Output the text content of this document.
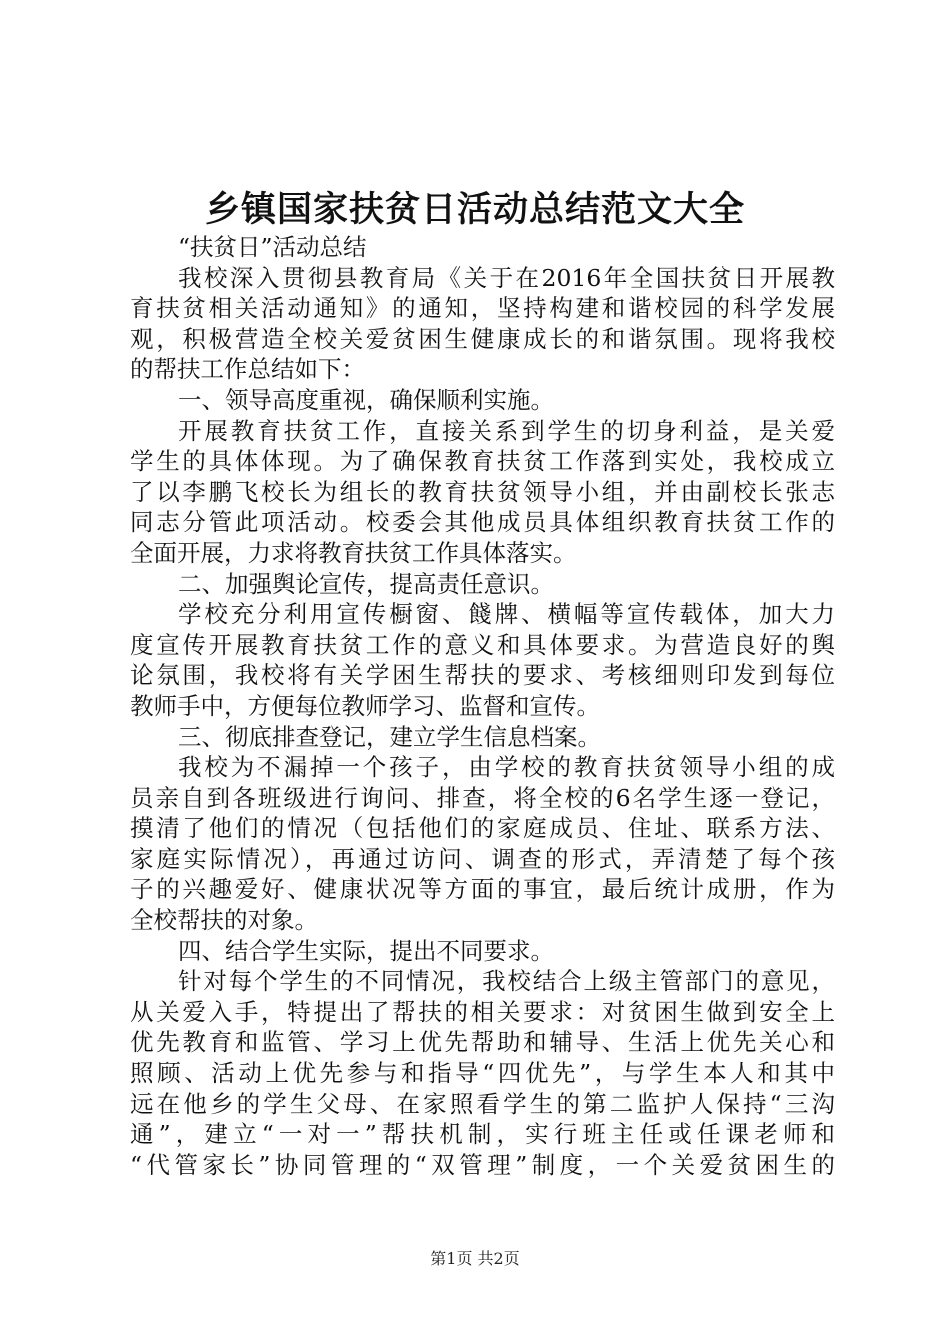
乡镇国家扶贫日活动总结范文大全
“扶贫日”活动总结
我校深入贯彻县教育局《关于在2016年全国扶贫日开展教
育扶贫相关活动通知》的通知，坚持构建和谐校园的科学发展
观，积极营造全校关爱贫困生健康成长的和谐氛围。现将我校
的帮扶工作总结如下：
一、领导高度重视，确保顺利实施。
开展教育扶贫工作，直接关系到学生的切身利益，是关爱
学生的具体体现。为了确保教育扶贫工作落到实处，我校成立
了以李鹏飞校长为组长的教育扶贫领导小组，并由副校长张志
同志分管此项活动。校委会其他成员具体组织教育扶贫工作的
全面开展，力求将教育扶贫工作具体落实。
二、加强舆论宣传，提高责任意识。
学校充分利用宣传橱窗、餞牌、横幅等宣传载体，加大力
度宣传开展教育扶贫工作的意义和具体要求。为营造良好的舆
论氛围，我校将有关学困生帮扶的要求、考核细则印发到每位
教师手中，方便每位教师学习、监督和宣传。
三、彻底排查登记，建立学生信息档案。
我校为不漏掉一个孩子，由学校的教育扶贫领导小组的成
员亲自到各班级进行询问、排查，将全校的6名学生逐一登记，
摸清了他们的情况（包括他们的家庭成员、住址、联系方法、
家庭实际情况），再通过访问、调查的形式，弄清楚了每个孩
子的兴趣爱好、健康状况等方面的事宜，最后统计成册，作为
全校帮扶的对象。
四、结合学生实际，提出不同要求。
针对每个学生的不同情况，我校结合上级主管部门的意见，
从关爱入手，特提出了帮扶的相关要求：对贫困生做到安全上
优先教育和监管、学习上优先帮助和辅导、生活上优先关心和
照顾、活动上优先参与和指导“四优先”，与学生本人和其中
远在他乡的学生父母、在家照看学生的第二监护人保持“三沟
通”，建立“一对一”帮扶机制，实行班主任或任课老师和
“代管家长”协同管理的“双管理”制度，一个关爱贫困生的
第1页 共2页
